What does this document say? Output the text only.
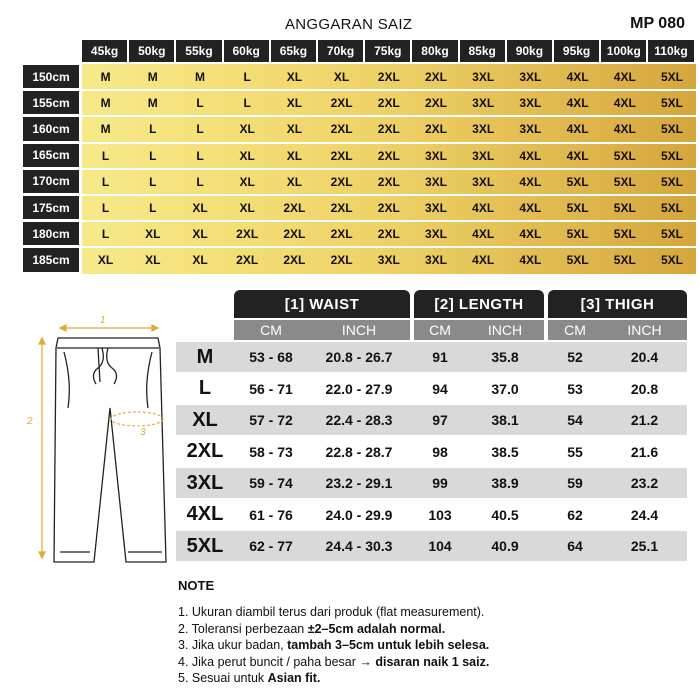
ANGGARAN SAIZ	MP 080
45kg	50kg	55kg	60kg	65kg	70kg	75kg	80kg	85kg	90kg	95kg	100kg	110kg
150cm	M	M	M	L	XL	XL	2XL	2XL	3XL	3XL	4XL	4XL	5XL
155cm	M	M	L	L	XL	2XL	2XL	2XL	3XL	3XL	4XL	4XL	5XL
160cm	M	L	L	XL	XL	2XL	2XL	2XL	3XL	3XL	4XL	4XL	5XL
165cm	L	L	L	XL	XL	2XL	2XL	3XL	3XL	4XL	4XL	5XL	5XL
170cm	L	L	L	XL	XL	2XL	2XL	3XL	3XL	4XL	5XL	5XL	5XL
175cm	L	L	XL	XL	2XL	2XL	2XL	3XL	4XL	4XL	5XL	5XL	5XL
180cm	L	XL	XL	2XL	2XL	2XL	2XL	3XL	4XL	4XL	5XL	5XL	5XL
185cm	XL	XL	XL	2XL	2XL	2XL	3XL	3XL	4XL	4XL	5XL	5XL	5XL
1
2
3
[1] WAIST	[2] LENGTH	[3] THIGH
CM	INCH	CM	INCH	CM	INCH
M	53 - 68	20.8 - 26.7	91	35.8	52	20.4
L	56 - 71	22.0 - 27.9	94	37.0	53	20.8
XL	57 - 72	22.4 - 28.3	97	38.1	54	21.2
2XL	58 - 73	22.8 - 28.7	98	38.5	55	21.6
3XL	59 - 74	23.2 - 29.1	99	38.9	59	23.2
4XL	61 - 76	24.0 - 29.9	103	40.5	62	24.4
5XL	62 - 77	24.4 - 30.3	104	40.9	64	25.1
NOTE
1. Ukuran diambil terus dari produk (flat measurement).
2. Toleransi perbezaan ±2–5cm adalah normal.
3. Jika ukur badan, tambah 3–5cm untuk lebih selesa.
4. Jika perut buncit / paha besar → disaran naik 1 saiz.
5. Sesuai untuk Asian fit.
